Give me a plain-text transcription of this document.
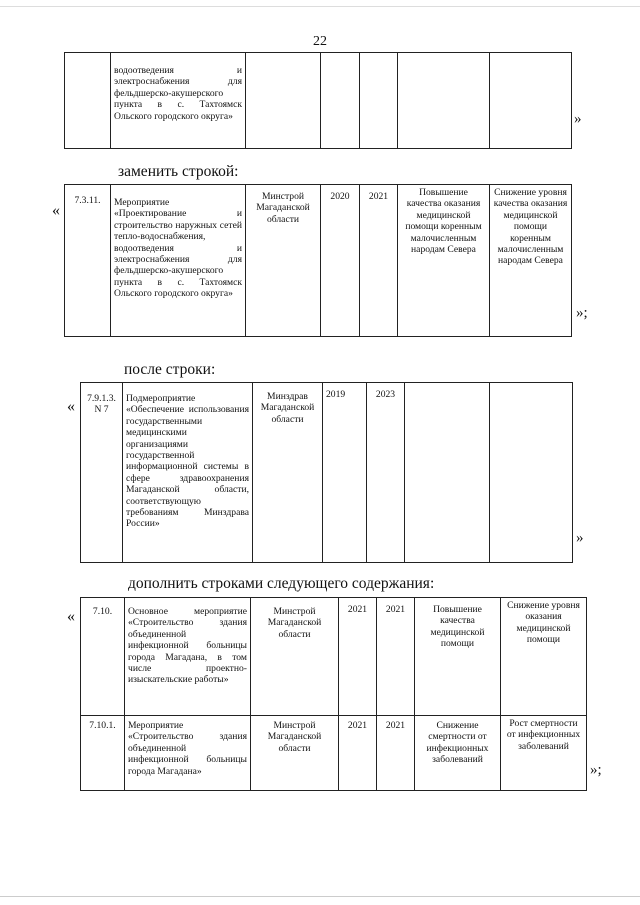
22
	водоотведения и электроснабжения для фельдшерско-акушерского пункта в с. Тахтоямск Ольского городского округа»						»
заменить строкой:
«
7.3.11.	Мероприятие «Проектирование и строительство наружных сетей тепло-водоснабжения, водоотведения и электроснабжения для фельдшерско-акушерского пункта в с. Тахтоямск Ольского городского округа»	Минстрой Магаданской области	2020	2021	Повышение качества оказания медицинской помощи коренным малочисленным народам Севера	Снижение уровня качества оказания медицинской помощи коренным малочисленным народам Севера
»;
после строки:
« 7.9.1.3. N 7	Подмероприятие «Обеспечение использования государственными медицинскими организациями государственной информационной системы в сфере здравоохранения Магаданской области, соответствующую требованиям Минздрава России»	Минздрав Магаданской области	2019	2023		
»
дополнить строками следующего содержания:
« 7.10.	Основное мероприятие «Строительство здания объединенной инфекционной больницы города Магадана, в том числе проектно-изыскательские работы»	Минстрой Магаданской области	2021	2021	Повышение качества медицинской помощи	Снижение уровня оказания медицинской помощи
7.10.1.	Мероприятие «Строительство здания объединенной инфекционной больницы города Магадана»	Минстрой Магаданской области	2021	2021	Снижение смертности от инфекционных заболеваний	Рост смертности от инфекционных заболеваний
»;
